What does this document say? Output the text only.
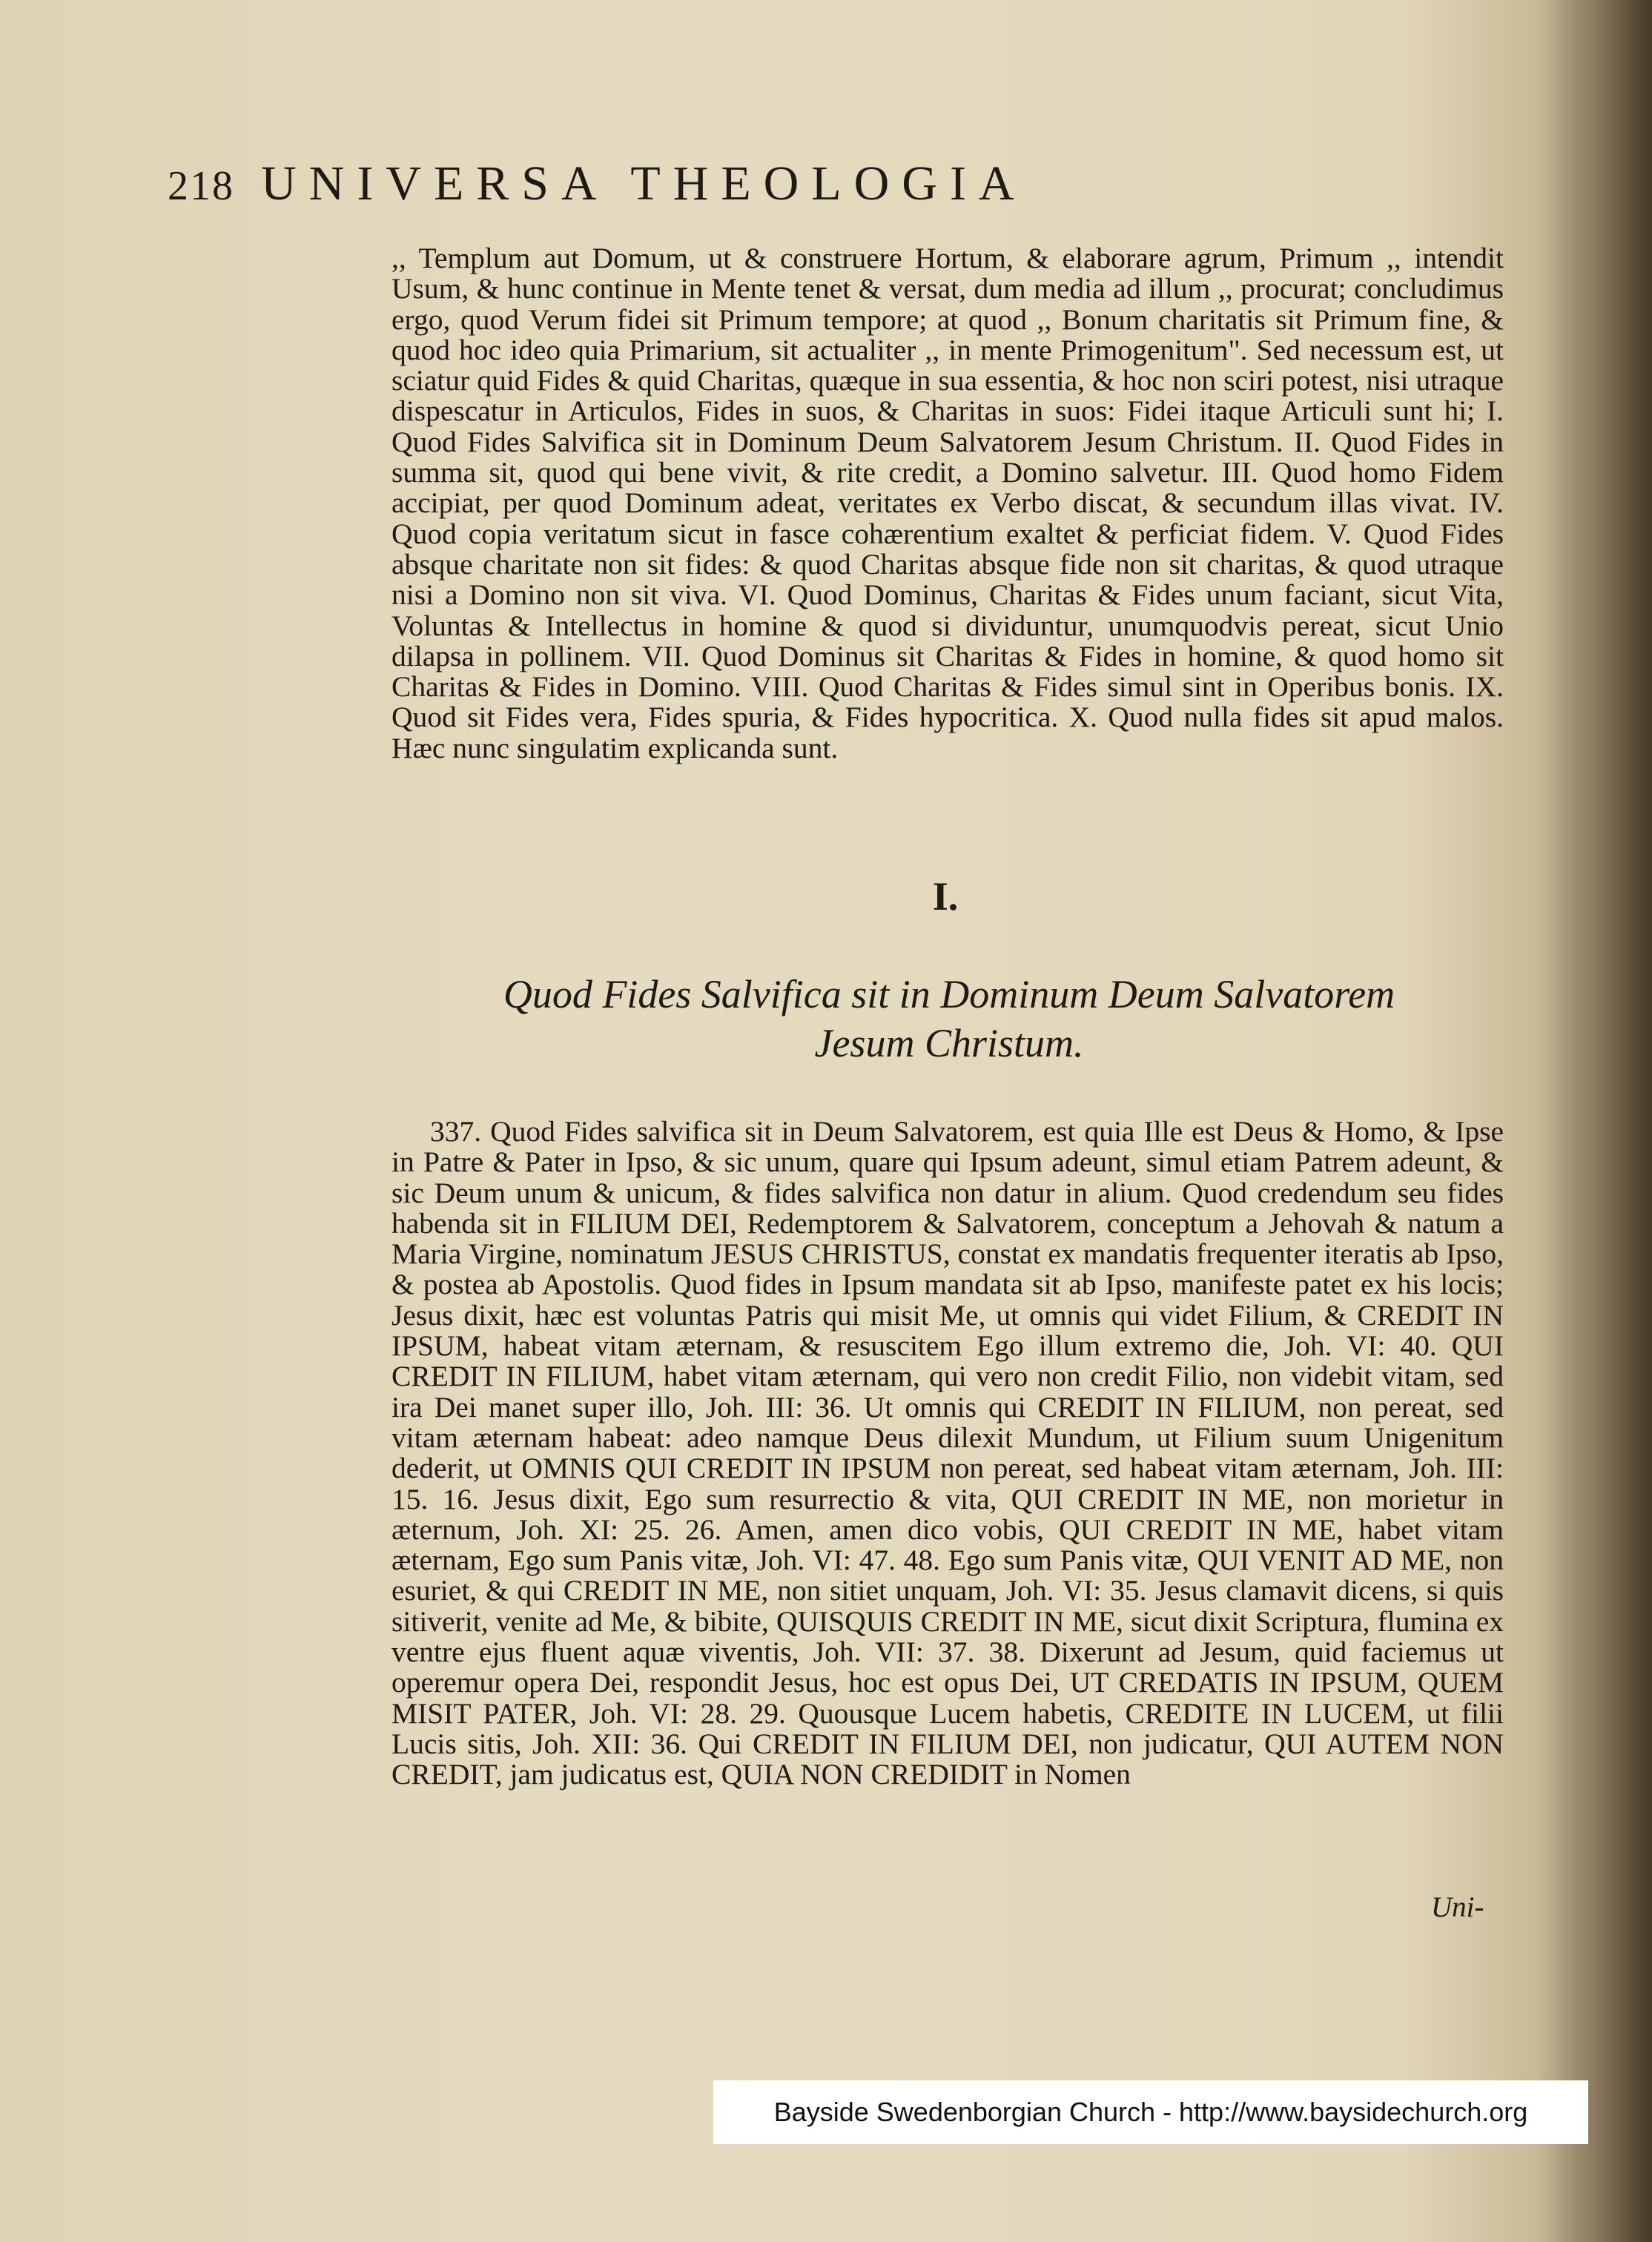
218 UNIVERSA THEOLOGIA
,, Templum aut Domum, ut & construere Hortum, & elaborare agrum, Primum ,, intendit Usum, & hunc continue in Mente tenet & versat, dum media ad illum ,, procurat; concludimus ergo, quod Verum fidei sit Primum tempore; at quod ,, Bonum charitatis sit Primum fine, & quod hoc ideo quia Primarium, sit actualiter ,, in mente Primogenitum". Sed necessum est, ut sciatur quid Fides & quid Charitas, quæque in sua essentia, & hoc non sciri potest, nisi utraque dispescatur in Articulos, Fides in suos, & Charitas in suos: Fidei itaque Articuli sunt hi; I. Quod Fides Salvifica sit in Dominum Deum Salvatorem Jesum Christum. II. Quod Fides in summa sit, quod qui bene vivit, & rite credit, a Domino salvetur. III. Quod homo Fidem accipiat, per quod Dominum adeat, veritates ex Verbo discat, & secundum illas vivat. IV. Quod copia veritatum sicut in fasce cohærentium exaltet & perficiat fidem. V. Quod Fides absque charitate non sit fides: & quod Charitas absque fide non sit charitas, & quod utraque nisi a Domino non sit viva. VI. Quod Dominus, Charitas & Fides unum faciant, sicut Vita, Voluntas & Intellectus in homine & quod si dividuntur, unumquodvis pereat, sicut Unio dilapsa in pollinem. VII. Quod Dominus sit Charitas & Fides in homine, & quod homo sit Charitas & Fides in Domino. VIII. Quod Charitas & Fides simul sint in Operibus bonis. IX. Quod sit Fides vera, Fides spuria, & Fides hypocritica. X. Quod nulla fides sit apud malos. Hæc nunc singulatim explicanda sunt.
I.
Quod Fides Salvifica sit in Dominum Deum Salvatorem
Jesum Christum.
337. Quod Fides salvifica sit in Deum Salvatorem, est quia Ille est Deus & Homo, & Ipse in Patre & Pater in Ipso, & sic unum, quare qui Ipsum adeunt, simul etiam Patrem adeunt, & sic Deum unum & unicum, & fides salvifica non datur in alium. Quod credendum seu fides habenda sit in FILIUM DEI, Redemptorem & Salvatorem, conceptum a Jehovah & natum a Maria Virgine, nominatum JESUS CHRISTUS, constat ex mandatis frequenter iteratis ab Ipso, & postea ab Apostolis. Quod fides in Ipsum mandata sit ab Ipso, manifeste patet ex his locis; Jesus dixit, hæc est voluntas Patris qui misit Me, ut omnis qui videt Filium, & CREDIT IN IPSUM, habeat vitam æternam, & resuscitem Ego illum extremo die, Joh. VI: 40. QUI CREDIT IN FILIUM, habet vitam æternam, qui vero non credit Filio, non videbit vitam, sed ira Dei manet super illo, Joh. III: 36. Ut omnis qui CREDIT IN FILIUM, non pereat, sed vitam æternam habeat: adeo namque Deus dilexit Mundum, ut Filium suum Unigenitum dederit, ut OMNIS QUI CREDIT IN IPSUM non pereat, sed habeat vitam æternam, Joh. III: 15. 16. Jesus dixit, Ego sum resurrectio & vita, QUI CREDIT IN ME, non morietur in æternum, Joh. XI: 25. 26. Amen, amen dico vobis, QUI CREDIT IN ME, habet vitam æternam, Ego sum Panis vitæ, Joh. VI: 47. 48. Ego sum Panis vitæ, QUI VENIT AD ME, non esuriet, & qui CREDIT IN ME, non sitiet unquam, Joh. VI: 35. Jesus clamavit dicens, si quis sitiverit, venite ad Me, & bibite, QUISQUIS CREDIT IN ME, sicut dixit Scriptura, flumina ex ventre ejus fluent aquæ viventis, Joh. VII: 37. 38. Dixerunt ad Jesum, quid faciemus ut operemur opera Dei, respondit Jesus, hoc est opus Dei, UT CREDATIS IN IPSUM, QUEM MISIT PATER, Joh. VI: 28. 29. Quousque Lucem habetis, CREDITE IN LUCEM, ut filii Lucis sitis, Joh. XII: 36. Qui CREDIT IN FILIUM DEI, non judicatur, QUI AUTEM NON CREDIT, jam judicatus est, QUIA NON CREDIDIT in Nomen
Uni-
Bayside Swedenborgian Church - http://www.baysidechurch.org
